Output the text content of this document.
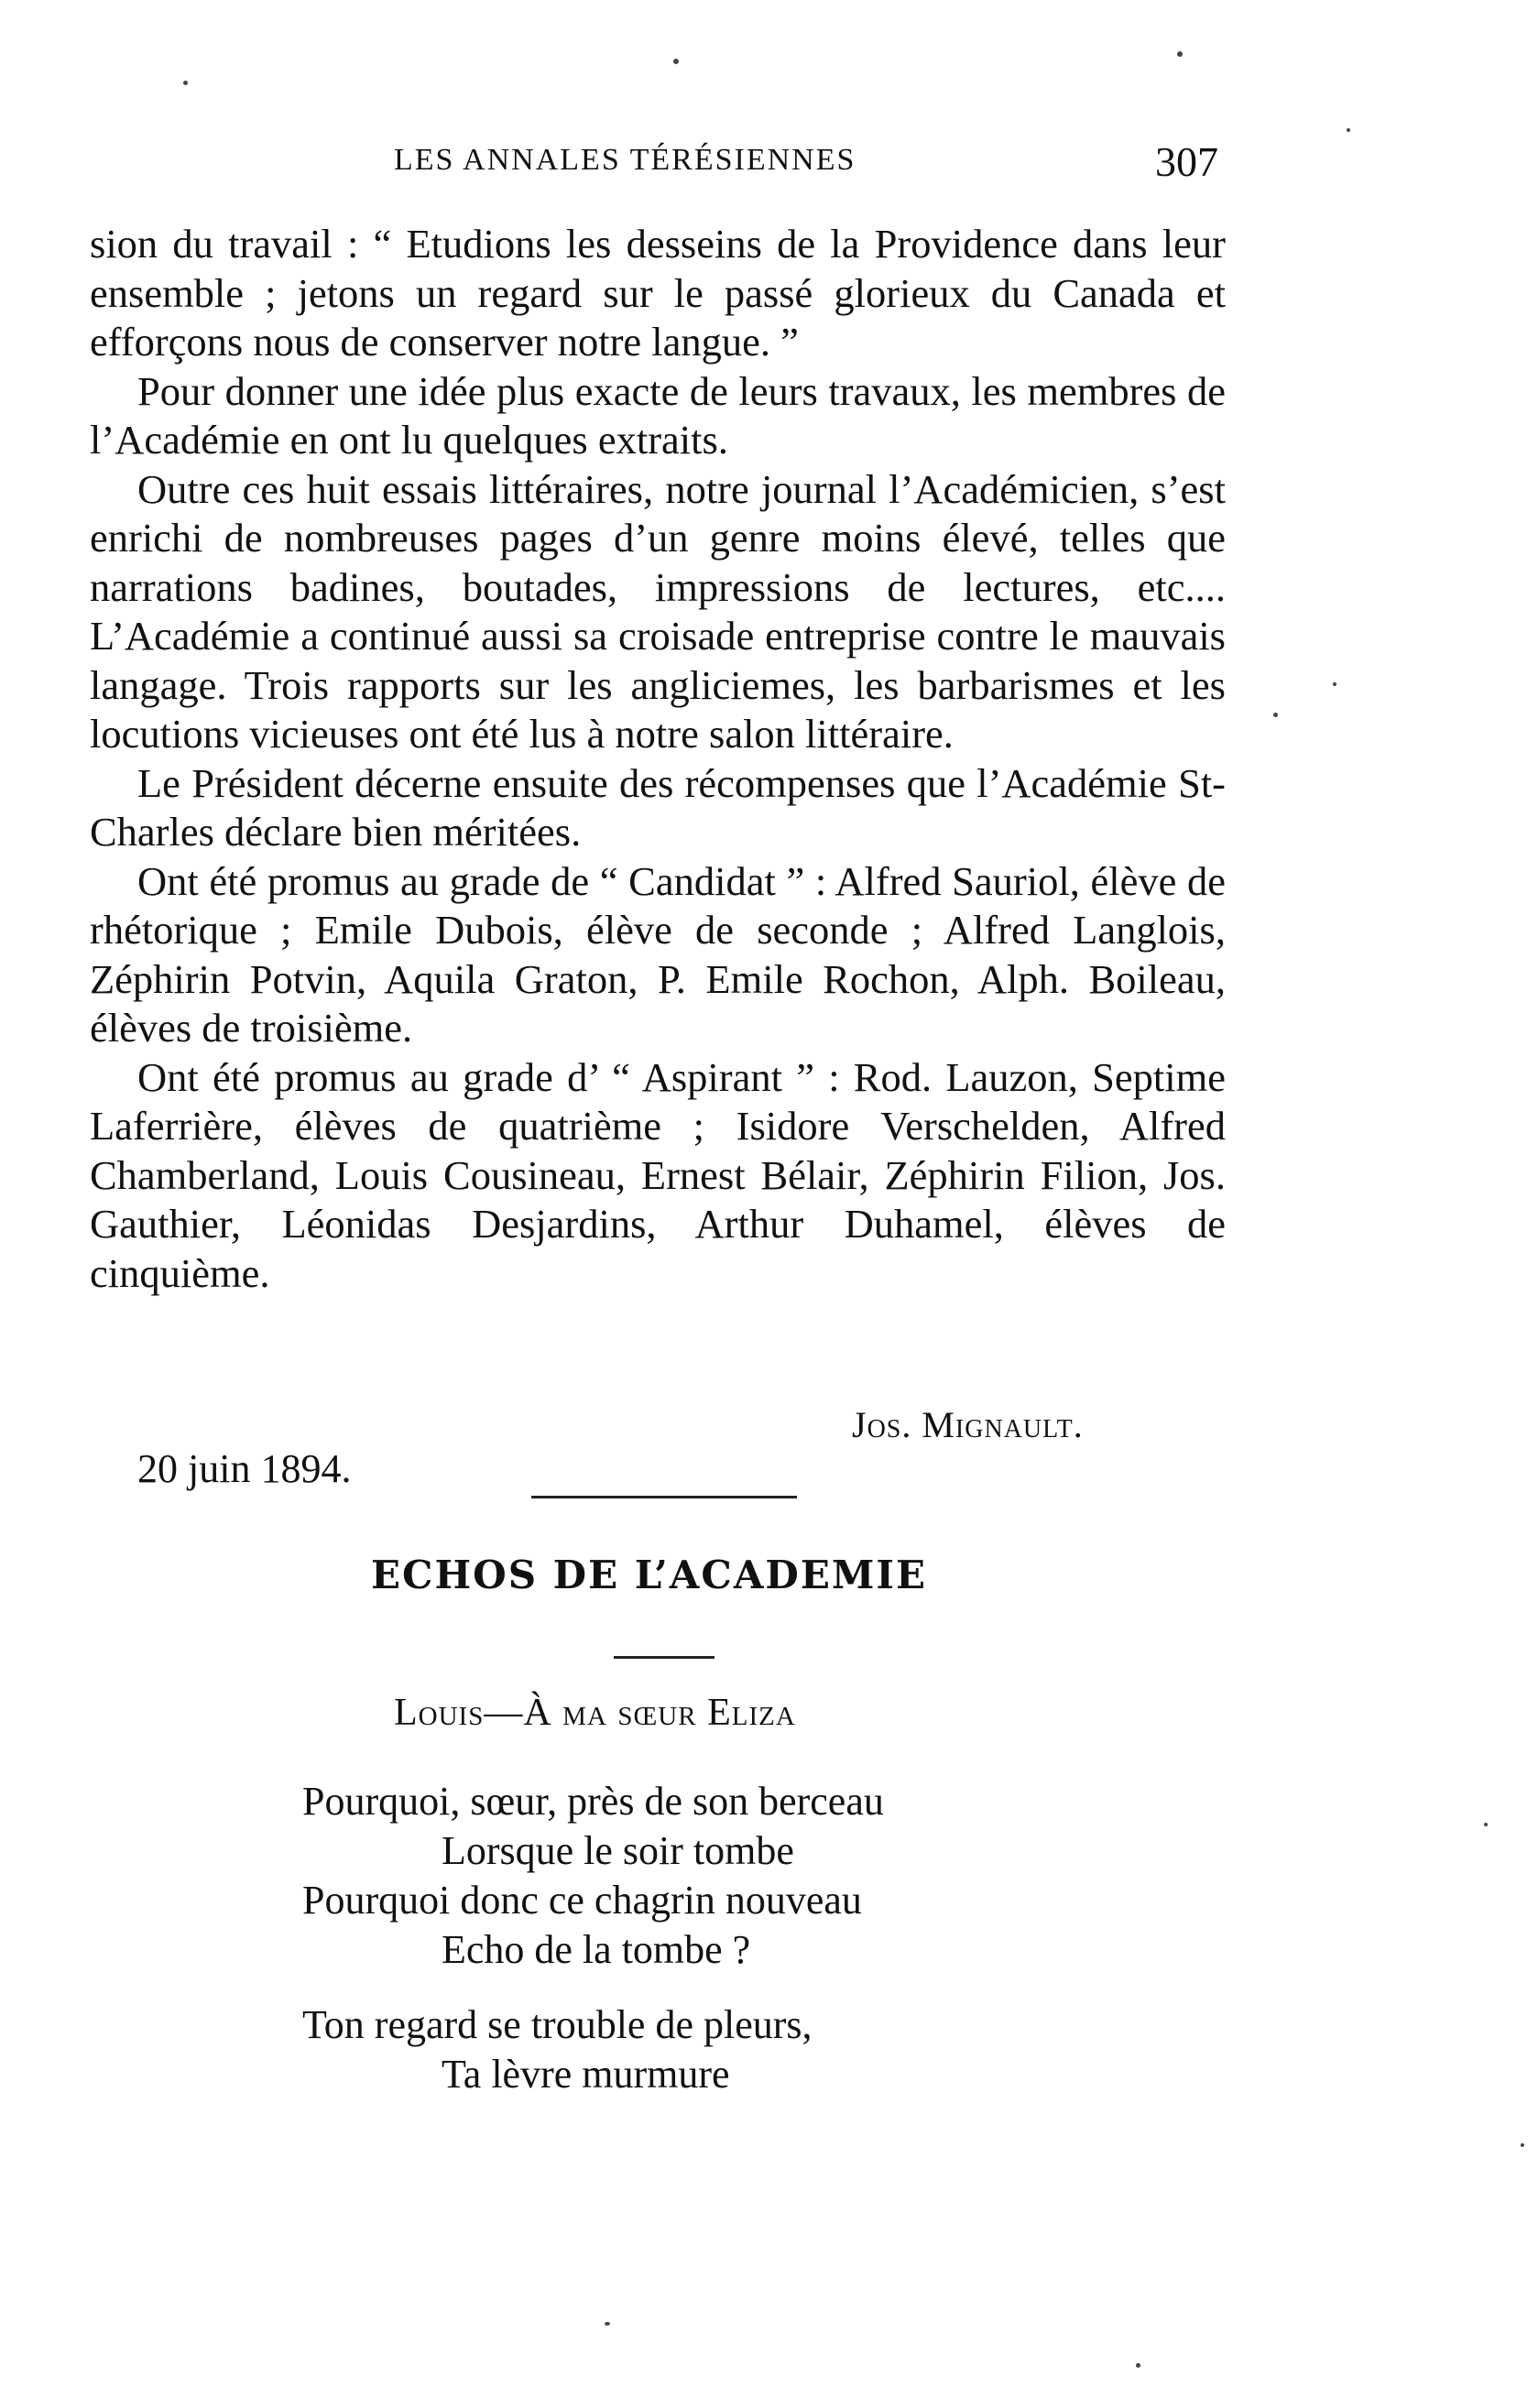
LES ANNALES TÉRÉSIENNES	307

sion du travail : “ Etudions les desseins de la Providence dans leur ensemble ; jetons un regard sur le passé glorieux du Canada et efforçons nous de conserver notre langue. ”

Pour donner une idée plus exacte de leurs travaux, les membres de l’Académie en ont lu quelques extraits.

Outre ces huit essais littéraires, notre journal l’Académicien, s’est enrichi de nombreuses pages d’un genre moins élevé, telles que narrations badines, boutades, impressions de lectures, etc.... L’Académie a continué aussi sa croisade entreprise contre le mauvais langage. Trois rapports sur les angliciemes, les barbarismes et les locutions vicieuses ont été lus à notre salon littéraire.

Le Président décerne ensuite des récompenses que l’Académie St-Charles déclare bien méritées.

Ont été promus au grade de “ Candidat ” : Alfred Sauriol, élève de rhétorique ; Emile Dubois, élève de seconde ; Alfred Langlois, Zéphirin Potvin, Aquila Graton, P. Emile Rochon, Alph. Boileau, élèves de troisième.

Ont été promus au grade d’ “ Aspirant ” : Rod. Lauzon, Septime Laferrière, élèves de quatrième ; Isidore Verschelden, Alfred Chamberland, Louis Cousineau, Ernest Bélair, Zéphirin Filion, Jos. Gauthier, Léonidas Desjardins, Arthur Duhamel, élèves de cinquième.

Jos. Mignault.
20 juin 1894.
ECHOS DE L’ACADEMIE
Louis—À ma sœur Eliza
Pourquoi, sœur, près de son berceau
Lorsque le soir tombe
Pourquoi donc ce chagrin nouveau
Echo de la tombe ?
Ton regard se trouble de pleurs,
Ta lèvre murmure
